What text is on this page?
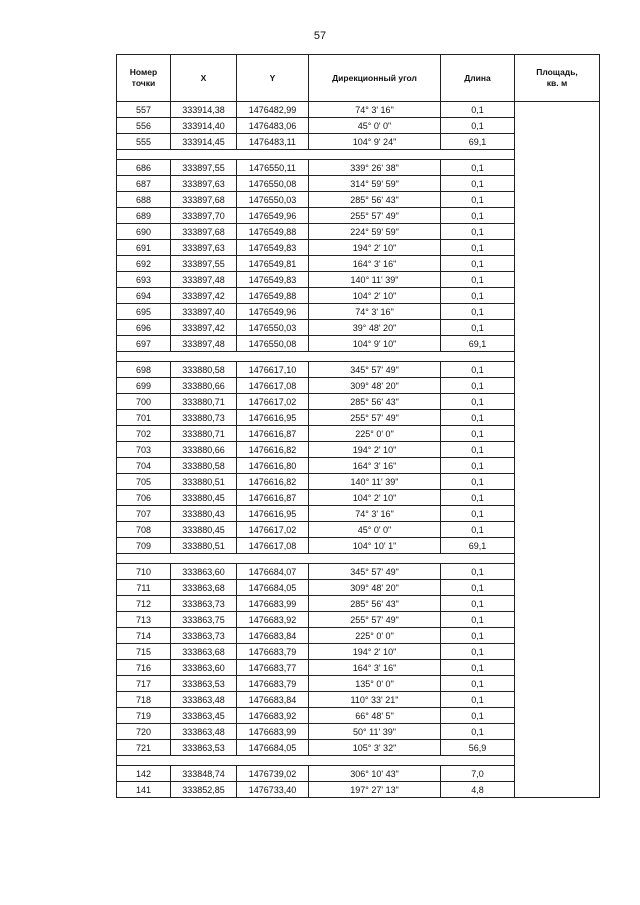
57
Номер
точки	X	Y	Дирекционный угол	Длина	Площадь,
кв. м
557	333914,38	1476482,99	74° 3' 16"	0,1	
556	333914,40	1476483,06	45° 0' 0"	0,1	
555	333914,45	1476483,11	104° 9' 24"	69,1	

686	333897,55	1476550,11	339° 26' 38"	0,1	
687	333897,63	1476550,08	314° 59' 59"	0,1	
688	333897,68	1476550,03	285° 56' 43"	0,1	
689	333897,70	1476549,96	255° 57' 49"	0,1	
690	333897,68	1476549,88	224° 59' 59"	0,1	
691	333897,63	1476549,83	194° 2' 10"	0,1	
692	333897,55	1476549,81	164° 3' 16"	0,1	
693	333897,48	1476549,83	140° 11' 39"	0,1	
694	333897,42	1476549,88	104° 2' 10"	0,1	
695	333897,40	1476549,96	74° 3' 16"	0,1	
696	333897,42	1476550,03	39° 48' 20"	0,1	
697	333897,48	1476550,08	104° 9' 10"	69,1	

698	333880,58	1476617,10	345° 57' 49"	0,1	
699	333880,66	1476617,08	309° 48' 20"	0,1	
700	333880,71	1476617,02	285° 56' 43"	0,1	
701	333880,73	1476616,95	255° 57' 49"	0,1	
702	333880,71	1476616,87	225° 0' 0"	0,1	
703	333880,66	1476616,82	194° 2' 10"	0,1	
704	333880,58	1476616,80	164° 3' 16"	0,1	
705	333880,51	1476616,82	140° 11' 39"	0,1	
706	333880,45	1476616,87	104° 2' 10"	0,1	
707	333880,43	1476616,95	74° 3' 16"	0,1	
708	333880,45	1476617,02	45° 0' 0"	0,1	
709	333880,51	1476617,08	104° 10' 1"	69,1	

710	333863,60	1476684,07	345° 57' 49"	0,1	
711	333863,68	1476684,05	309° 48' 20"	0,1	
712	333863,73	1476683,99	285° 56' 43"	0,1	
713	333863,75	1476683,92	255° 57' 49"	0,1	
714	333863,73	1476683,84	225° 0' 0"	0,1	
715	333863,68	1476683,79	194° 2' 10"	0,1	
716	333863,60	1476683,77	164° 3' 16"	0,1	
717	333863,53	1476683,79	135° 0' 0"	0,1	
718	333863,48	1476683,84	110° 33' 21"	0,1	
719	333863,45	1476683,92	66° 48' 5"	0,1	
720	333863,48	1476683,99	50° 11' 39"	0,1	
721	333863,53	1476684,05	105° 3' 32"	56,9	

142	333848,74	1476739,02	306° 10' 43"	7,0	
141	333852,85	1476733,40	197° 27' 13"	4,8	
